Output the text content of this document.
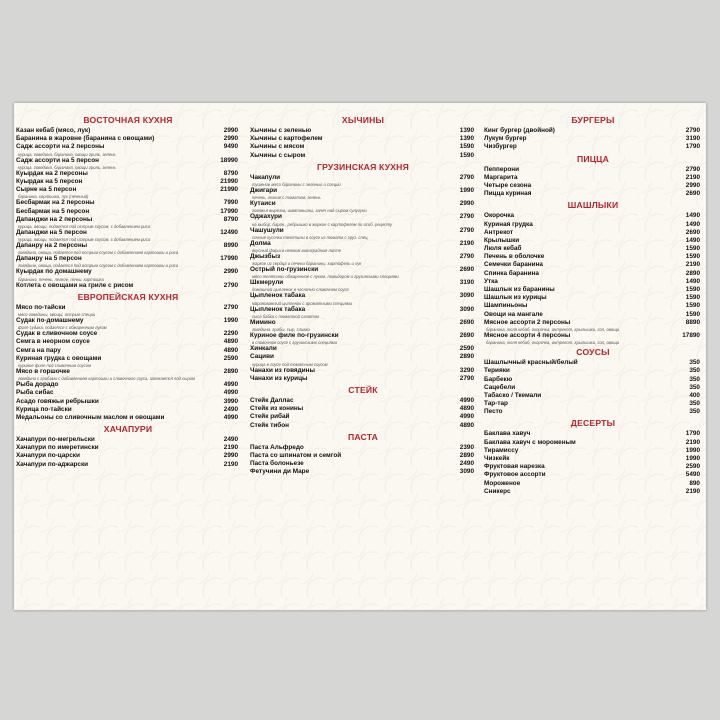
ВОСТОЧНАЯ КУХНЯ
Казан кебаб (мясо, лук)	2990
Баранина в жаровне (баранина с овощами)	2990
Садж ассорти на 2 персоны	9490
курица, говядина, баранина, овощи гриль, зелень
Садж ассорти на 5 персон	18990
курица, говядина, баранина, овощи гриль, зелень
Куырдак на 2 персоны	8790
Куырдак на 5 персон	21990
Сырне на 5 персон	21990
баранина, картошка, лук (печеный)
Бесбармак на 2 персоны	7990
Бесбармак на 5 персон	17990
Дапанджи на 2 персоны	8790
курица, овощи, подается под острым соусом, с добавлением риса
Дапанджи на 5 персон	12490
курица, овощи, подается под острым соусом, с добавлением риса
Дапанру на 2 персоны	8990
говядина, овощи, подается под острым соусом с добавлением картошки и риса
Дапанру на 5 персон	17990
говядина, овощи, подается под острым соусом с добавлением картошки и риса
Куырдак по домашнему	2990
баранина, печень, легкое, почки, картошка
Котлета с овощами на гриле с рисом	2790
ЕВРОПЕЙСКАЯ КУХНЯ
Мясо по-тайски	2790
мясо говядины, овощи, острые специи
Судак по-домашнему	1990
филе судака, подается с обжаренным луком
Судак в сливочном соусе	2290
Семга в неорном соусе	4890
Семга на пару	4890
Куриная грудка с овощами	2590
куриное филе под сливочным соусом
Мясо в горшочке	2890
говядина с грибами с добавлением картошки и сливочного соуса, запекается под сыром
Рыба дорадо	4990
Рыба сибас	4990
Асадо говяжьи ребрышки	3990
Курица по-тайски	2490
Медальоны со сливочным маслом и овощами	4990
ХАЧАПУРИ
Хачапури по-мегрельски	2490
Хачапури по имеретински	2190
Хачапури по-царски	2990
Хачапури по-аджарски	2190
ХЫЧИНЫ
Хычины с зеленью	1390
Хычины с картофелем	1390
Хычины с мясом	1590
Хычины с сыром	1590
ГРУЗИНСКАЯ КУХНЯ
Чакапули	2790
тушеное мясо баранины с зеленью и специи
Джигари	1990
печень, легкие с томатом, зелень
Кутаиси	2990
говяжья вырезка, шампиньоны, запеч над сыром сулугуни
Оджахури	2790
на выбор: баран., ребрышко в жаркое с картофелем по особ. рецепту
Чашушули	2790
сочные кусочки телятины в соусе из томата с груз. спец.
Долма	2190
вкусный фарш в нежном виноградном листе
Джызбыз	2790
жаркое из сердца и печени баранины, картофель и лук
Острый по-грузински	2690
мясо телятины обжаренное с луком, помидором и грузинскими специями
Шкмерули	3190
домашний цыпленок в чесночно-сливочном соусе
Цыпленок табака	3090
маринованный цыпленок с ароматными специями
Цыпленок табака	3090
сыса бабка с томатной салатом
Мимино	2690
говядина, грибы, сыр, сливки
Куриное филе по-грузински	2690
в сливочном соусе с грузинскими специями
Хинкали	2590
Сациви	2890
курица в соусе под томатным соусом
Чанахи из говядины	3290
Чанахи из курицы	2790
СТЕЙК
Стейк Даллас	4990
Стейк из конины	4890
Стейк рибай	4990
Стейк тибон	4890
ПАСТА
Паста Альфредо	2390
Паста со шпинатом и семгой	2890
Паста болоньезе	2490
Фетучини ди Маре	3090
БУРГЕРЫ
Кинг бургер (двойной)	2790
Лукум бургер	3190
Чизбургер	1790
ПИЦЦА
Пепперони	2790
Маргарита	2190
Четыре сезона	2990
Пицца куриная	2690
ШАШЛЫКИ
Окорочка	1490
Куриная грудка	1490
Антрекот	2690
Крылышки	1490
Люля кебаб	1590
Печень в оболочке	1590
Семечки баранина	2190
Спинка баранина	2890
Утка	1490
Шашлык из баранины	1590
Шашлык из курицы	1590
Шампиньоны	1590
Овощи на мангале	1590
Мясное ассорти 2 персоны	8890
баранина, люля кебаб, окорочка, антрекот, крылышки, сол, овощи
Мясное ассорти 4 персоны	17890
баранина, люля кебаб, окорочка, антрекот, крылышки, сол, овощи
СОУСЫ
Шашлычный красный/белый	350
Терияки	350
Барбекю	350
Сацебели	350
Табаско / Ткемали	400
Тар-тар	350
Песто	350
ДЕСЕРТЫ
Баклава хавуч	1790
Баклава хавуч с мороженым	2190
Тирамиссу	1990
Чизкейк	1990
Фруктовая нарезка	2590
Фруктовое ассорти	5490
Мороженое	890
Сникерс	2190
